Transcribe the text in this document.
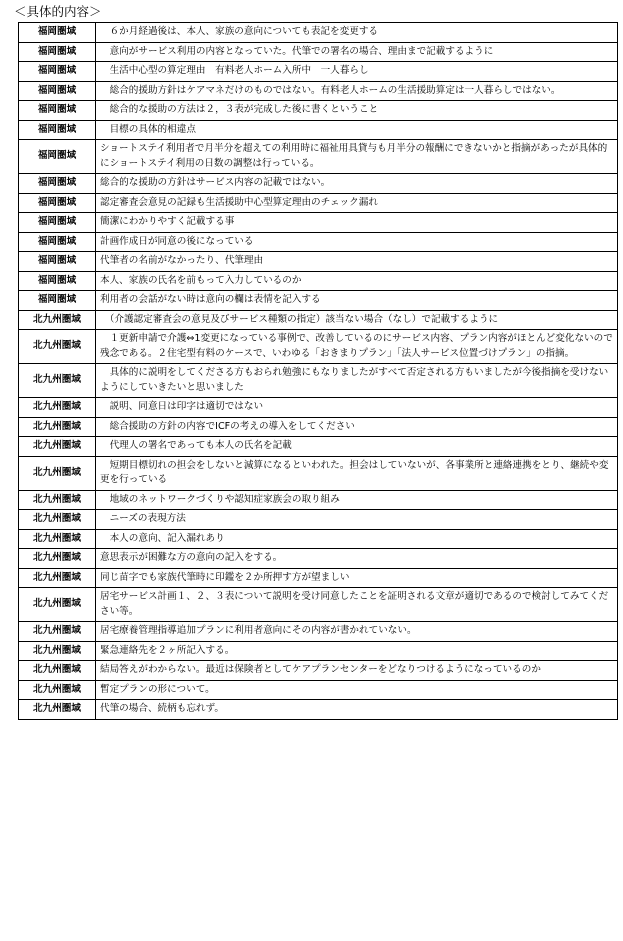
＜具体的内容＞
福岡圏域	　６か月経過後は、本人、家族の意向についても表記を変更する
福岡圏域	　意向がサービス利用の内容となっていた。代筆での署名の場合、理由まで記載するように
福岡圏域	　生活中心型の算定理由　有料老人ホーム入所中　一人暮らし
福岡圏域	　総合的援助方針はケアマネだけのものではない。有料老人ホームの生活援助算定は一人暮らしではない。
福岡圏域	　総合的な援助の方法は２，３表が完成した後に書くということ
福岡圏域	　目標の具体的相違点
福岡圏域	ショートステイ利用者で月半分を超えての利用時に福祉用具貸与も月半分の報酬にできないかと指摘があったが具体的にショートステイ利用の日数の調整は行っている。
福岡圏域	総合的な援助の方針はサービス内容の記載ではない。
福岡圏域	認定審査会意見の記録も生活援助中心型算定理由のチェック漏れ
福岡圏域	簡潔にわかりやすく記載する事
福岡圏域	計画作成日が同意の後になっている
福岡圏域	代筆者の名前がなかったり、代筆理由
福岡圏域	本人、家族の氏名を前もって入力しているのか
福岡圏域	利用者の会話がない時は意向の欄は表情を記入する
北九州圏域	　（介護認定審査会の意見及びサービス種類の指定）該当ない場合（なし）で記載するように
北九州圏域	　１更新申請で介護⇔1変更になっている事例で、改善しているのにサービス内容、プラン内容がほとんど変化ないので残念である。２住宅型有料のケースで、いわゆる「おきまりプラン」「法人サービス位置づけプラン」の指摘。
北九州圏域	　具体的に説明をしてくださる方もおられ勉強にもなりましたがすべて否定される方もいましたが今後指摘を受けないようにしていきたいと思いました
北九州圏域	　説明、同意日は印字は適切ではない
北九州圏域	　総合援助の方針の内容でICFの考えの導入をしてください
北九州圏域	　代理人の署名であっても本人の氏名を記載
北九州圏域	　短期目標切れの担会をしないと減算になるといわれた。担会はしていないが、各事業所と連絡連携をとり、継続や変更を行っている
北九州圏域	　地域のネットワークづくりや認知症家族会の取り組み
北九州圏域	　ニーズの表現方法
北九州圏域	　本人の意向、記入漏れあり
北九州圏域	意思表示が困難な方の意向の記入をする。
北九州圏域	同じ苗字でも家族代筆時に印鑑を２か所押す方が望ましい
北九州圏域	居宅サービス計画１、２、３表について説明を受け同意したことを証明される文章が適切であるので検討してみてください等。
北九州圏域	居宅療養管理指導追加プランに利用者意向にその内容が書かれていない。
北九州圏域	緊急連絡先を２ヶ所記入する。
北九州圏域	結局答えがわからない。最近は保険者としてケアプランセンターをどなりつけるようになっているのか
北九州圏域	暫定プランの形について。
北九州圏域	代筆の場合、続柄も忘れず。
